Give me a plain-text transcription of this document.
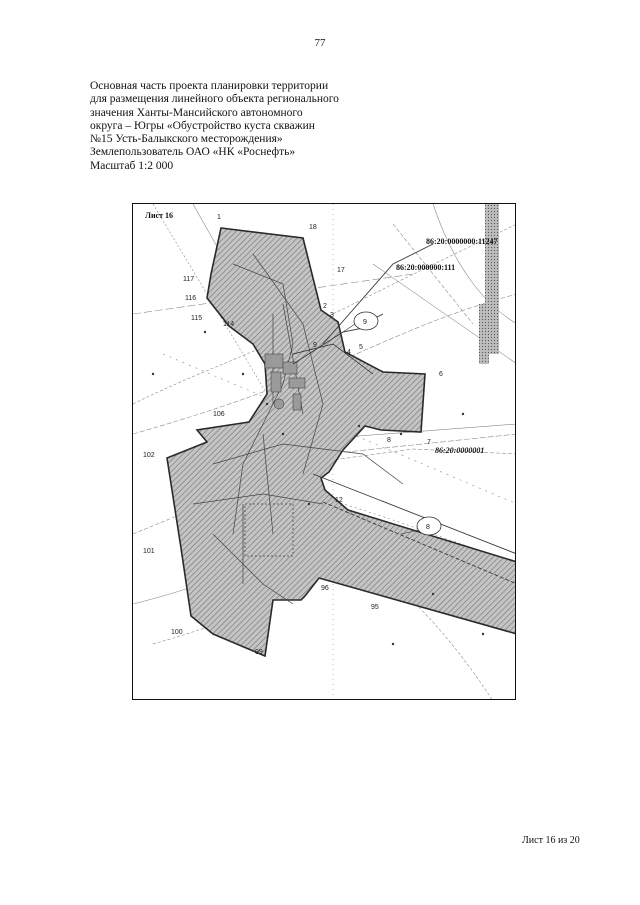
77
Основная часть проекта планировки территории
для размещения линейного объекта регионального
значения Ханты-Мансийского автономного
округа – Югры «Обустройство куста скважин
№15 Усть-Балыкского месторождения»
Землепользователь ОАО «НК «Роснефть»
Масштаб 1:2 000
9
8
Лист 16
86:20:0000000:11247
86:20:000000:111
86:20:0000001
1
18
2
3
4
5
6
7
8
9
12
95
96
99
100
101
102
106
114
115
116
117
17
Лист 16 из 20
